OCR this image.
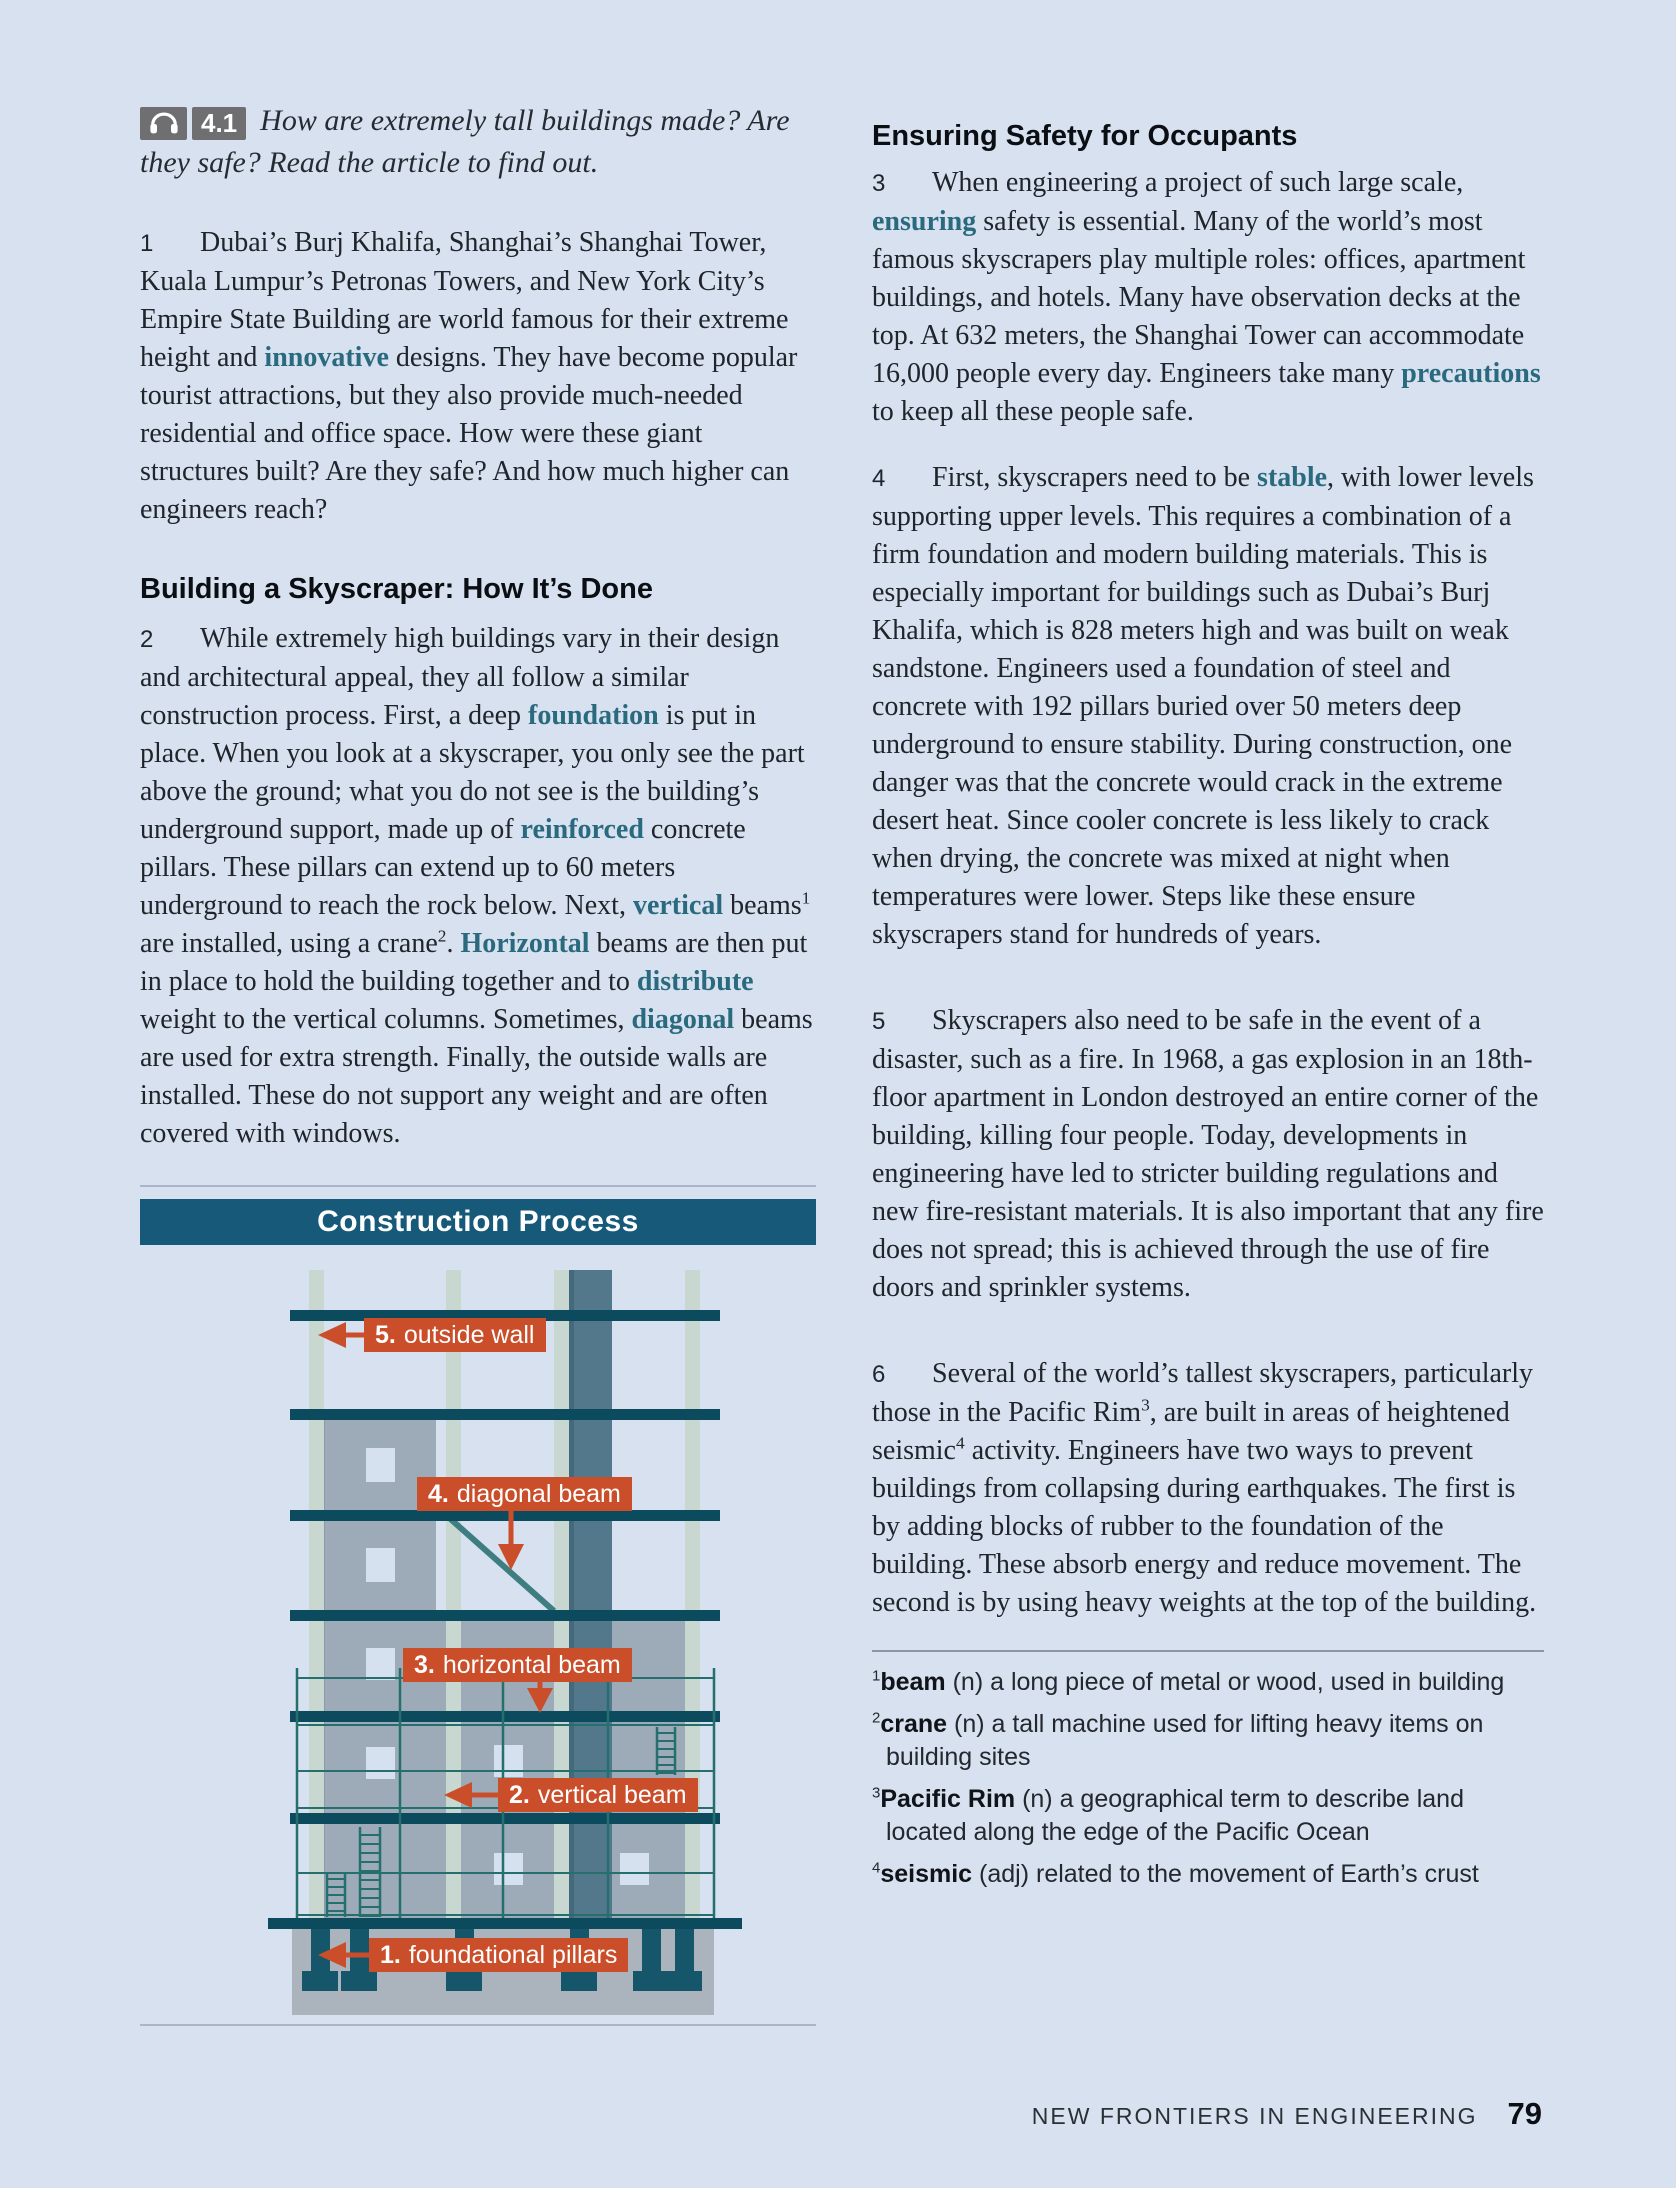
4.1 How are extremely tall buildings made? Are they safe? Read the article to find out.

1 Dubai’s Burj Khalifa, Shanghai’s Shanghai Tower, Kuala Lumpur’s Petronas Towers, and New York City’s Empire State Building are world famous for their extreme height and innovative designs. They have become popular tourist attractions, but they also provide much-needed residential and office space. How were these giant structures built? Are they safe? And how much higher can engineers reach?

Building a Skyscraper: How It’s Done

2 While extremely high buildings vary in their design and architectural appeal, they all follow a similar construction process. First, a deep foundation is put in place. When you look at a skyscraper, you only see the part above the ground; what you do not see is the building’s underground support, made up of reinforced concrete pillars. These pillars can extend up to 60 meters underground to reach the rock below. Next, vertical beams$^1$ are installed, using a crane$^2$. Horizontal beams are then put in place to hold the building together and to distribute weight to the vertical columns. Sometimes, diagonal beams are used for extra strength. Finally, the outside walls are installed. These do not support any weight and are often covered with windows.

Construction Process
5. outside wall
4. diagonal beam
3. horizontal beam
2. vertical beam
1. foundational pillars
Ensuring Safety for Occupants

3 When engineering a project of such large scale, ensuring safety is essential. Many of the world’s most famous skyscrapers play multiple roles: offices, apartment buildings, and hotels. Many have observation decks at the top. At 632 meters, the Shanghai Tower can accommodate 16,000 people every day. Engineers take many precautions to keep all these people safe.

4 First, skyscrapers need to be stable, with lower levels supporting upper levels. This requires a combination of a firm foundation and modern building materials. This is especially important for buildings such as Dubai’s Burj Khalifa, which is 828 meters high and was built on weak sandstone. Engineers used a foundation of steel and concrete with 192 pillars buried over 50 meters deep underground to ensure stability. During construction, one danger was that the concrete would crack in the extreme desert heat. Since cooler concrete is less likely to crack when drying, the concrete was mixed at night when temperatures were lower. Steps like these ensure skyscrapers stand for hundreds of years.

5 Skyscrapers also need to be safe in the event of a disaster, such as a fire. In 1968, a gas explosion in an 18th-floor apartment in London destroyed an entire corner of the building, killing four people. Today, developments in engineering have led to stricter building regulations and new fire-resistant materials. It is also important that any fire does not spread; this is achieved through the use of fire doors and sprinkler systems.

6 Several of the world’s tallest skyscrapers, particularly those in the Pacific Rim$^3$, are built in areas of heightened seismic$^4$ activity. Engineers have two ways to prevent buildings from collapsing during earthquakes. The first is by adding blocks of rubber to the foundation of the building. These absorb energy and reduce movement. The second is by using heavy weights at the top of the building.

$^1$beam (n) a long piece of metal or wood, used in building
$^2$crane (n) a tall machine used for lifting heavy items on building sites
$^3$Pacific Rim (n) a geographical term to describe land located along the edge of the Pacific Ocean
$^4$seismic (adj) related to the movement of Earth’s crust
NEW FRONTIERS IN ENGINEERING 79
